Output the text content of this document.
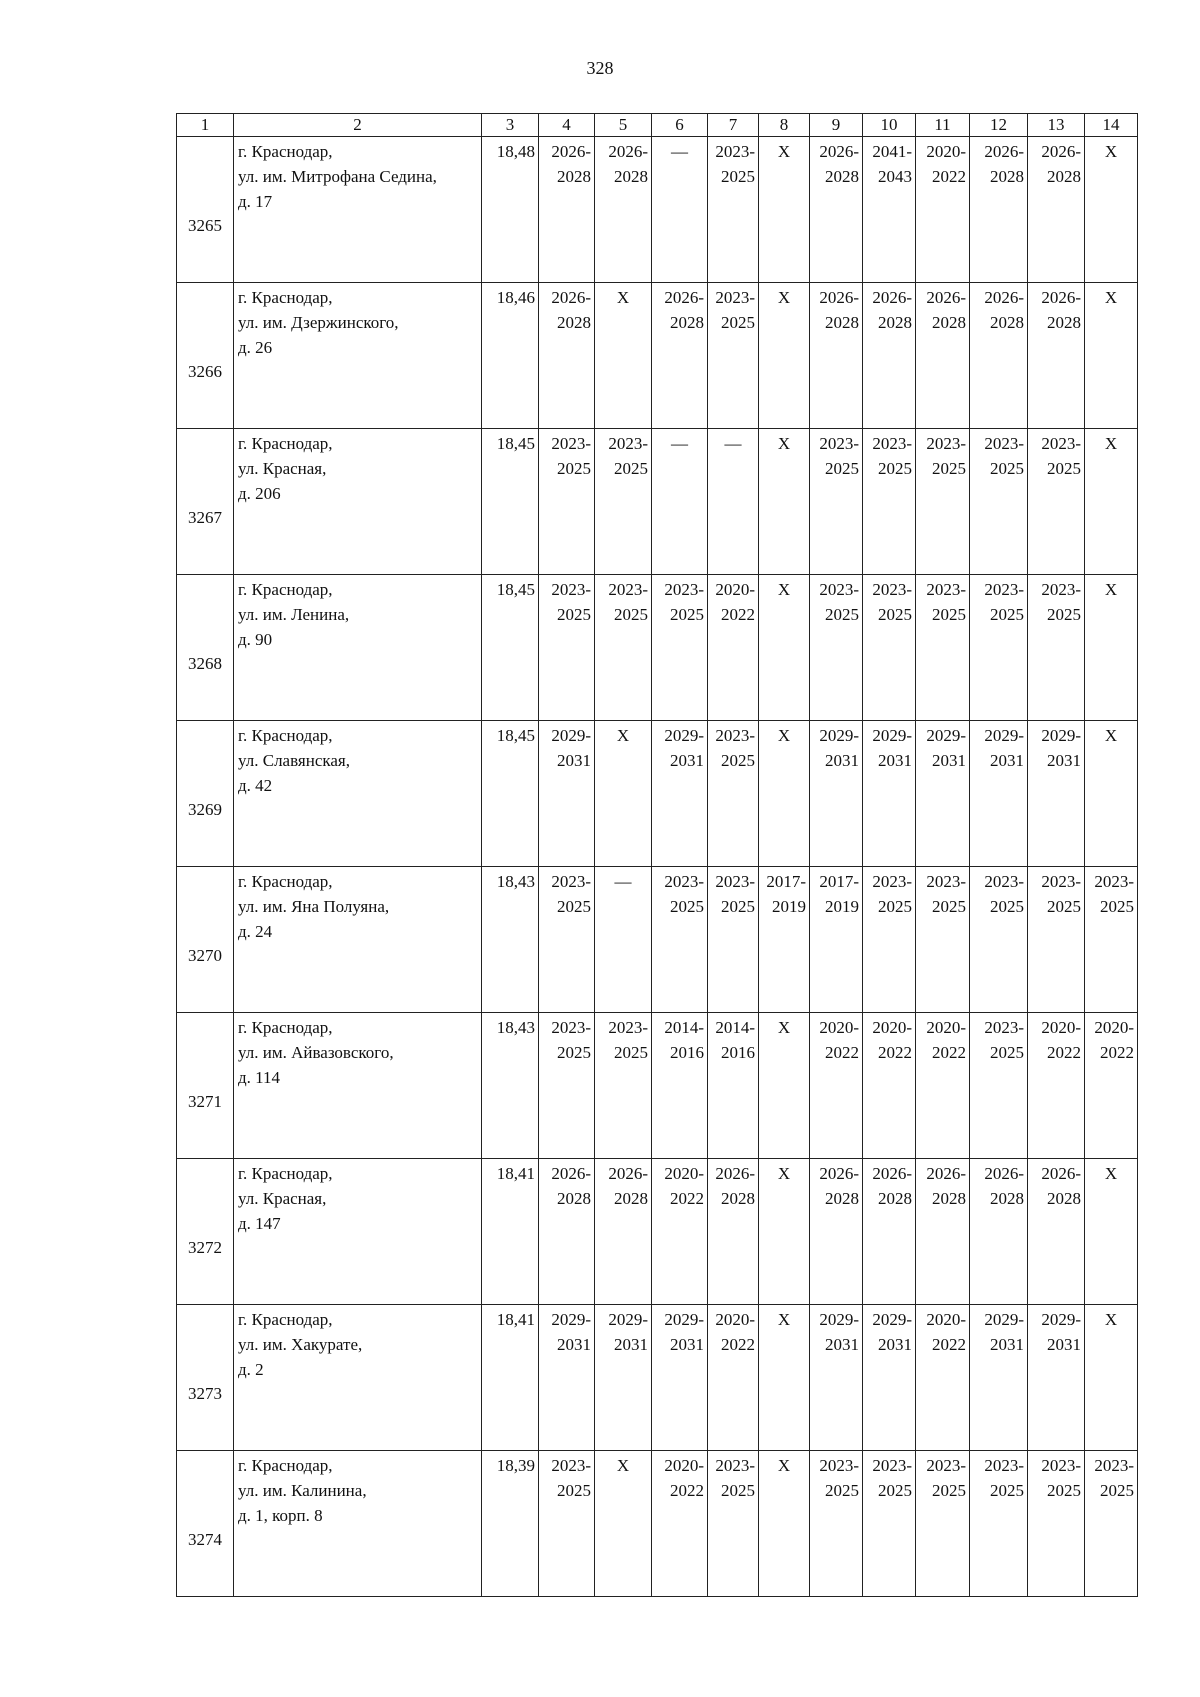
328
1	2	3	4	5	6	7	8	9	10	11	12	13	14

3265	г. Краснодар,
ул. им. Митрофана Седина,
д. 17	18,48	2026-
2028	2026-
2028	—	2023-
2025	X	2026-
2028	2041-
2043	2020-
2022	2026-
2028	2026-
2028	X

3266	г. Краснодар,
ул. им. Дзержинского,
д. 26	18,46	2026-
2028	X	2026-
2028	2023-
2025	X	2026-
2028	2026-
2028	2026-
2028	2026-
2028	2026-
2028	X

3267	г. Краснодар,
ул. Красная,
д. 206	18,45	2023-
2025	2023-
2025	—	—	X	2023-
2025	2023-
2025	2023-
2025	2023-
2025	2023-
2025	X

3268	г. Краснодар,
ул. им. Ленина,
д. 90	18,45	2023-
2025	2023-
2025	2023-
2025	2020-
2022	X	2023-
2025	2023-
2025	2023-
2025	2023-
2025	2023-
2025	X

3269	г. Краснодар,
ул. Славянская,
д. 42	18,45	2029-
2031	X	2029-
2031	2023-
2025	X	2029-
2031	2029-
2031	2029-
2031	2029-
2031	2029-
2031	X

3270	г. Краснодар,
ул. им. Яна Полуяна,
д. 24	18,43	2023-
2025	—	2023-
2025	2023-
2025	2017-
2019	2017-
2019	2023-
2025	2023-
2025	2023-
2025	2023-
2025	2023-
2025

3271	г. Краснодар,
ул. им. Айвазовского,
д. 114	18,43	2023-
2025	2023-
2025	2014-
2016	2014-
2016	X	2020-
2022	2020-
2022	2020-
2022	2023-
2025	2020-
2022	2020-
2022

3272	г. Краснодар,
ул. Красная,
д. 147	18,41	2026-
2028	2026-
2028	2020-
2022	2026-
2028	X	2026-
2028	2026-
2028	2026-
2028	2026-
2028	2026-
2028	X

3273	г. Краснодар,
ул. им. Хакурате,
д. 2	18,41	2029-
2031	2029-
2031	2029-
2031	2020-
2022	X	2029-
2031	2029-
2031	2020-
2022	2029-
2031	2029-
2031	X

3274	г. Краснодар,
ул. им. Калинина,
д. 1, корп. 8	18,39	2023-
2025	X	2020-
2022	2023-
2025	X	2023-
2025	2023-
2025	2023-
2025	2023-
2025	2023-
2025	2023-
2025
